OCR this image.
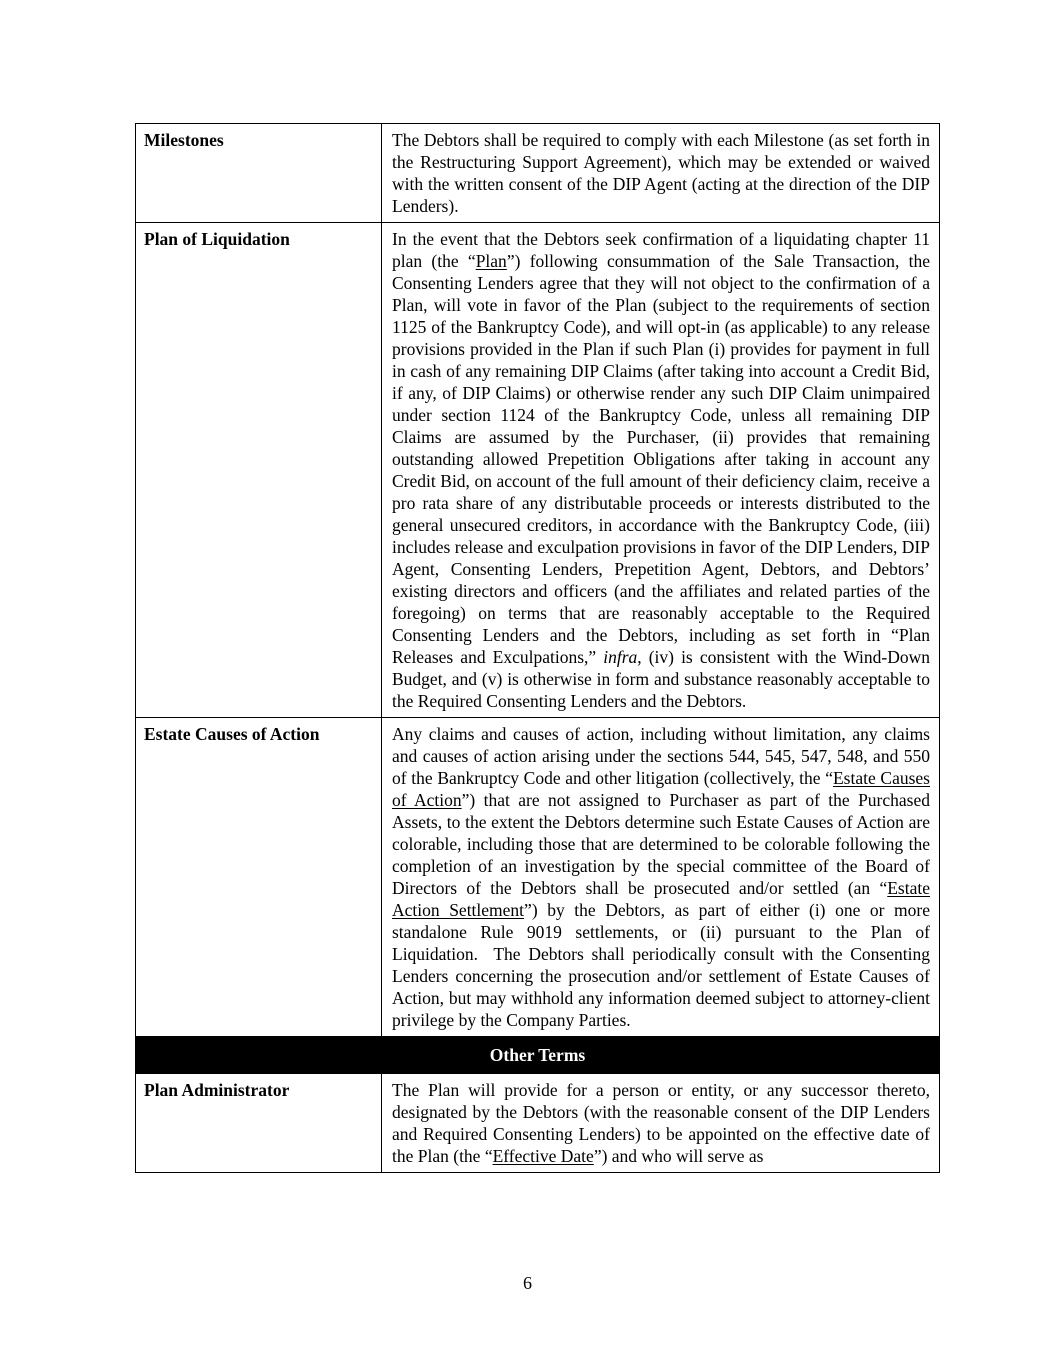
Milestones	The Debtors shall be required to comply with each Milestone (as set forth in the Restructuring Support Agreement), which may be extended or waived with the written consent of the DIP Agent (acting at the direction of the DIP Lenders).
Plan of Liquidation	In the event that the Debtors seek confirmation of a liquidating chapter 11 plan (the “Plan”) following consummation of the Sale Transaction, the Consenting Lenders agree that they will not object to the confirmation of a Plan, will vote in favor of the Plan (subject to the requirements of section 1125 of the Bankruptcy Code), and will opt-in (as applicable) to any release provisions provided in the Plan if such Plan (i) provides for payment in full in cash of any remaining DIP Claims (after taking into account a Credit Bid, if any, of DIP Claims) or otherwise render any such DIP Claim unimpaired under section 1124 of the Bankruptcy Code, unless all remaining DIP Claims are assumed by the Purchaser, (ii) provides that remaining outstanding allowed Prepetition Obligations after taking in account any Credit Bid, on account of the full amount of their deficiency claim, receive a pro rata share of any distributable proceeds or interests distributed to the general unsecured creditors, in accordance with the Bankruptcy Code, (iii) includes release and exculpation provisions in favor of the DIP Lenders, DIP Agent, Consenting Lenders, Prepetition Agent, Debtors, and Debtors’ existing directors and officers (and the affiliates and related parties of the foregoing) on terms that are reasonably acceptable to the Required Consenting Lenders and the Debtors, including as set forth in “Plan Releases and Exculpations,” infra, (iv) is consistent with the Wind-Down Budget, and (v) is otherwise in form and substance reasonably acceptable to the Required Consenting Lenders and the Debtors.
Estate Causes of Action	Any claims and causes of action, including without limitation, any claims and causes of action arising under the sections 544, 545, 547, 548, and 550 of the Bankruptcy Code and other litigation (collectively, the “Estate Causes of Action”) that are not assigned to Purchaser as part of the Purchased Assets, to the extent the Debtors determine such Estate Causes of Action are colorable, including those that are determined to be colorable following the completion of an investigation by the special committee of the Board of Directors of the Debtors shall be prosecuted and/or settled (an “Estate Action Settlement”) by the Debtors, as part of either (i) one or more standalone Rule 9019 settlements, or (ii) pursuant to the Plan of Liquidation.  The Debtors shall periodically consult with the Consenting Lenders concerning the prosecution and/or settlement of Estate Causes of Action, but may withhold any information deemed subject to attorney-client privilege by the Company Parties.
Other Terms
Plan Administrator	The Plan will provide for a person or entity, or any successor thereto, designated by the Debtors (with the reasonable consent of the DIP Lenders and Required Consenting Lenders) to be appointed on the effective date of the Plan (the “Effective Date”) and who will serve as
6
